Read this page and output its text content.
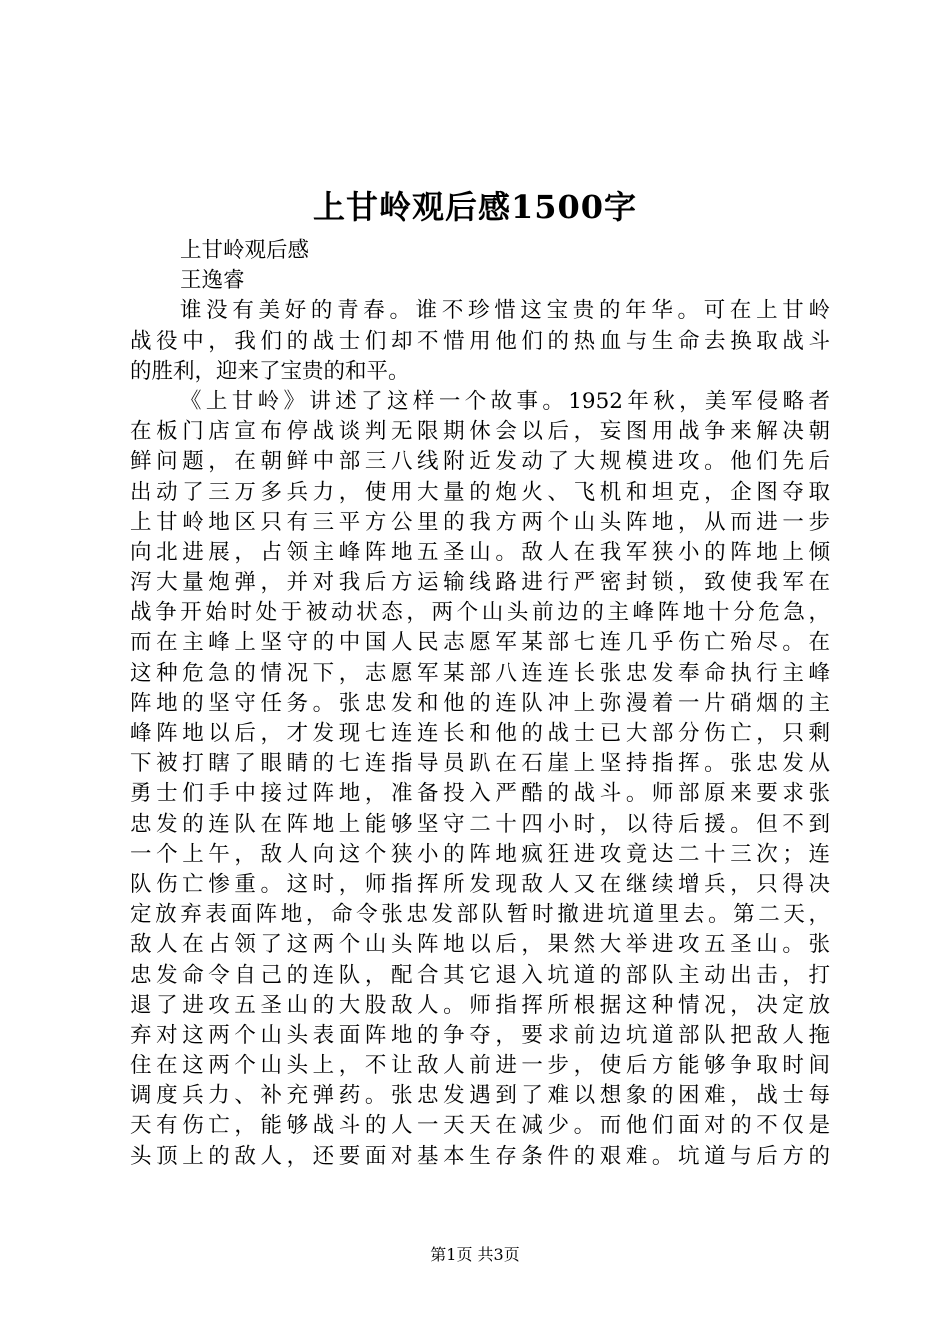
上甘岭观后感1500字
上甘岭观后感
王逸睿
谁没有美好的青春。谁不珍惜这宝贵的年华。可在上甘岭
战役中，我们的战士们却不惜用他们的热血与生命去换取战斗
的胜利，迎来了宝贵的和平。
《上甘岭》讲述了这样一个故事。1952年秋，美军侵略者
在板门店宣布停战谈判无限期休会以后，妄图用战争来解决朝
鲜问题，在朝鲜中部三八线附近发动了大规模进攻。他们先后
出动了三万多兵力，使用大量的炮火、飞机和坦克，企图夺取
上甘岭地区只有三平方公里的我方两个山头阵地，从而进一步
向北进展，占领主峰阵地五圣山。敌人在我军狭小的阵地上倾
泻大量炮弹，并对我后方运输线路进行严密封锁，致使我军在
战争开始时处于被动状态，两个山头前边的主峰阵地十分危急，
而在主峰上坚守的中国人民志愿军某部七连几乎伤亡殆尽。在
这种危急的情况下，志愿军某部八连连长张忠发奉命执行主峰
阵地的坚守任务。张忠发和他的连队冲上弥漫着一片硝烟的主
峰阵地以后，才发现七连连长和他的战士已大部分伤亡，只剩
下被打瞎了眼睛的七连指导员趴在石崖上坚持指挥。张忠发从
勇士们手中接过阵地，准备投入严酷的战斗。师部原来要求张
忠发的连队在阵地上能够坚守二十四小时，以待后援。但不到
一个上午，敌人向这个狭小的阵地疯狂进攻竟达二十三次；连
队伤亡惨重。这时，师指挥所发现敌人又在继续增兵，只得决
定放弃表面阵地，命令张忠发部队暂时撤进坑道里去。第二天，
敌人在占领了这两个山头阵地以后，果然大举进攻五圣山。张
忠发命令自己的连队，配合其它退入坑道的部队主动出击，打
退了进攻五圣山的大股敌人。师指挥所根据这种情况，决定放
弃对这两个山头表面阵地的争夺，要求前边坑道部队把敌人拖
住在这两个山头上，不让敌人前进一步，使后方能够争取时间
调度兵力、补充弹药。张忠发遇到了难以想象的困难，战士每
天有伤亡，能够战斗的人一天天在减少。而他们面对的不仅是
头顶上的敌人，还要面对基本生存条件的艰难。坑道与后方的
第1页 共3页
